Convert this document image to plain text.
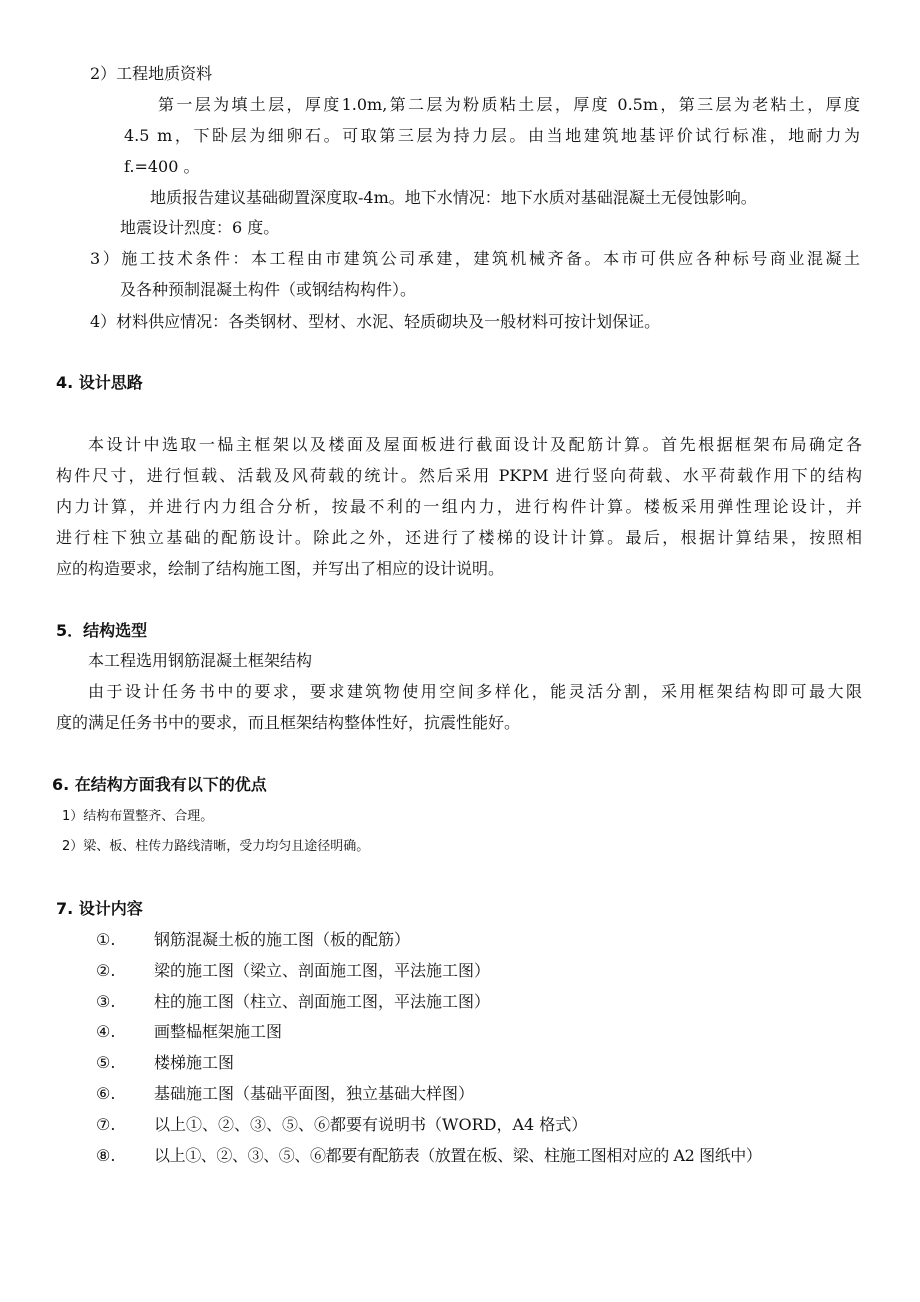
2）工程地质资料
第一层为填土层，厚度1.0m,第二层为粉质粘土层，厚度 0.5m，第三层为老粘土，厚度
4.5 m，下卧层为细卵石。可取第三层为持力层。由当地建筑地基评价试行标准，地耐力为
f.=400 。
地质报告建议基础砌置深度取-4m。地下水情况：地下水质对基础混凝土无侵蚀影响。
地震设计烈度：6 度。
3）施工技术条件：本工程由市建筑公司承建，建筑机械齐备。本市可供应各种标号商业混凝土
及各种预制混凝土构件（或钢结构构件）。
4）材料供应情况：各类钢材、型材、水泥、轻质砌块及一般材料可按计划保证。
4. 设计思路
本设计中选取一榀主框架以及楼面及屋面板进行截面设计及配筋计算。首先根据框架布局确定各
构件尺寸，进行恒载、活载及风荷载的统计。然后采用 PKPM 进行竖向荷载、水平荷载作用下的结构
内力计算，并进行内力组合分析，按最不利的一组内力，进行构件计算。楼板采用弹性理论设计，并
进行柱下独立基础的配筋设计。除此之外，还进行了楼梯的设计计算。最后，根据计算结果，按照相
应的构造要求，绘制了结构施工图，并写出了相应的设计说明。
5．结构选型
本工程选用钢筋混凝土框架结构
由于设计任务书中的要求，要求建筑物使用空间多样化，能灵活分割，采用框架结构即可最大限
度的满足任务书中的要求，而且框架结构整体性好，抗震性能好。
6. 在结构方面我有以下的优点
1）结构布置整齐、合理。
2）梁、板、柱传力路线清晰，受力均匀且途径明确。
7. 设计内容
①. 钢筋混凝土板的施工图（板的配筋）
②. 梁的施工图（梁立、剖面施工图，平法施工图）
③. 柱的施工图（柱立、剖面施工图，平法施工图）
④. 画整榀框架施工图
⑤. 楼梯施工图
⑥. 基础施工图（基础平面图，独立基础大样图）
⑦. 以上①、②、③、⑤、⑥都要有说明书（WORD，A4 格式）
⑧. 以上①、②、③、⑤、⑥都要有配筋表（放置在板、梁、柱施工图相对应的 A2 图纸中）
